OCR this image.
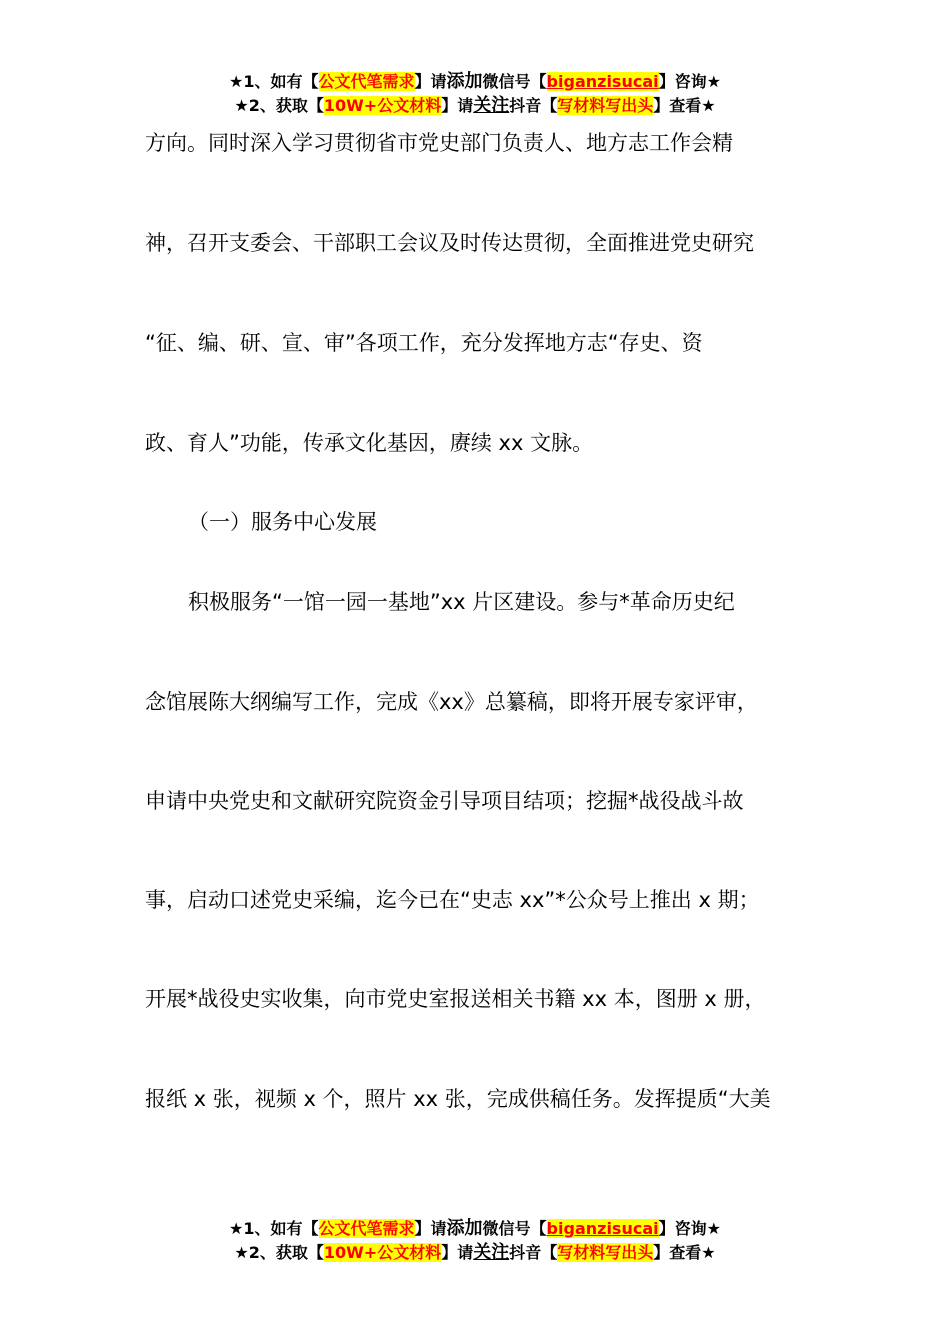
★1、如有【公文代笔需求】请添加微信号【biganzisucai】咨询★
★2、获取【10W+公文材料】请关注抖音【写材料写出头】查看★
方向。同时深入学习贯彻省市党史部门负责人、地方志工作会精
神，召开支委会、干部职工会议及时传达贯彻，全面推进党史研究
“征、编、研、宣、审”各项工作，充分发挥地方志“存史、资
政、育人”功能，传承文化基因，赓续 xx 文脉。
（一）服务中心发展
积极服务“一馆一园一基地”xx 片区建设。参与*革命历史纪
念馆展陈大纲编写工作，完成《xx》总纂稿，即将开展专家评审，
申请中央党史和文献研究院资金引导项目结项；挖掘*战役战斗故
事，启动口述党史采编，迄今已在“史志 xx”*公众号上推出 x 期；
开展*战役史实收集，向市党史室报送相关书籍 xx 本，图册 x 册，
报纸 x 张，视频 x 个，照片 xx 张，完成供稿任务。发挥提质“大美
★1、如有【公文代笔需求】请添加微信号【biganzisucai】咨询★
★2、获取【10W+公文材料】请关注抖音【写材料写出头】查看★
